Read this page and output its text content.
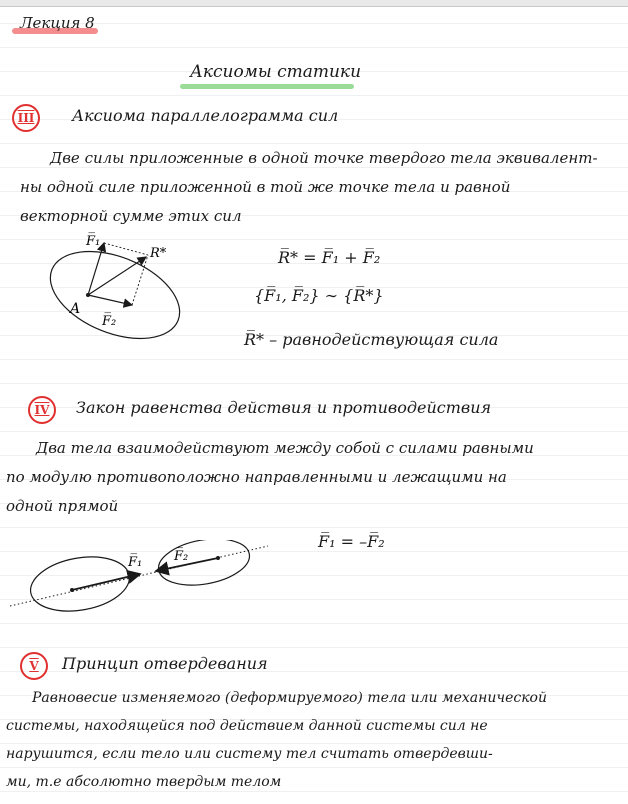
Лекция 8
Аксиомы статики
III	Аксиома параллелограмма сил
Две силы приложенные в одной точке твердого тела эквивалент-
ны одной силе приложенной в той же точке тела и равной
векторной сумме этих сил
A
F̅₁
F̅₂
R*	R̅* = F̅₁ + F̅₂
{F̅₁, F̅₂} ∼ {R̅*}
R̅* – равнодействующая сила
IV	Закон равенства действия и противодействия
Два тела взаимодействуют между собой с силами равными
по модулю противоположно направленными и лежащими на
одной прямой
F̅₁ F̅₂
F̅₁ = –F̅₂
V	Принцип отвердевания
Равновесие изменяемого (деформируемого) тела или механической
системы, находящейся под действием данной системы сил не
нарушится, если тело или систему тел считать отвердевши-
ми, т.е абсолютно твердым телом
